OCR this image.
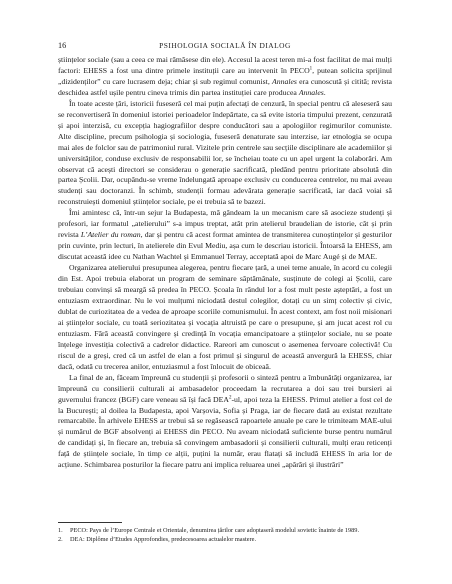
16	PSIHOLOGIA SOCIALĂ ÎN DIALOG

științelor sociale (sau a ceea ce mai rămăsese din ele). Accesul la acest teren mi-a fost facilitat de mai mulți factori: EHESS a fost una dintre primele instituții care au intervenit în PECO$^1$, putean solicita sprijinul „dizidenților” cu care lucrasem deja; chiar și sub regimul comunist, Annales era cunoscută și citită; revista deschidea astfel ușile pentru cineva trimis din partea instituției care producea Annales.

În toate aceste țări, istoricii fuseseră cel mai puțin afectați de cenzură, în special pentru că aleseseră sau se reconvertiseră în domeniul istoriei perioadelor îndepărtate, ca să evite istoria timpului prezent, cenzurată și apoi interzisă, cu excepția hagiografiilor despre conducători sau a apologiilor regimurilor comuniste. Alte discipline, precum psihologia și sociologia, fuseseră denaturate sau interzise, iar etnologia se ocupa mai ales de folclor sau de patrimoniul rural. Vizitele prin centrele sau secțiile disciplinare ale academiilor și universităților, conduse exclusiv de responsabilii lor, se încheiau toate cu un apel urgent la colaborări. Am observat că acești directori se considerau o generație sacrificată, pledând pentru prioritate absolută din partea Școlii. Dar, ocupându-se vreme îndelungată aproape exclusiv cu conducerea centrelor, nu mai aveau studenți sau doctoranzi. În schimb, studenții formau adevărata generație sacrificată, iar dacă voiai să reconstruiești domeniul științelor sociale, pe ei trebuia să te bazezi.

Îmi amintesc că, într-un sejur la Budapesta, mă gândeam la un mecanism care să asocieze studenți și profesori, iar formatul „atelierului” s-a impus treptat, atât prin atelierul braudelian de istorie, cât și prin revista L’Atelier du roman, dar și pentru că acest format amintea de transmiterea cunoștințelor și gesturilor prin cuvinte, prin lecturi, în atelierele din Evul Mediu, așa cum le descriau istoricii. Întoarsă la EHESS, am discutat această idee cu Nathan Wachtel și Emmanuel Terray, acceptată apoi de Marc Augé și de MAE.

Organizarea atelierului presupunea alegerea, pentru fiecare țară, a unei teme anuale, în acord cu colegii din Est. Apoi trebuia elaborat un program de seminare săptămânale, susținute de colegi ai Școlii, care trebuiau convinși să meargă să predea în PECO. Școala în rândul lor a fost mult peste așteptări, a fost un entuziasm extraordinar. Nu le voi mulțumi niciodată destul colegilor, dotați cu un simț colectiv și civic, dublat de curiozitatea de a vedea de aproape scoriile comunismului. În acest context, am fost noii misionari ai științelor sociale, cu toată seriozitatea și vocația altruistă pe care o presupune, și am jucat acest rol cu entuziasm. Fără această convingere și credință în vocația emancipatoare a științelor sociale, nu se poate înțelege investiția colectivă a cadrelor didactice. Rareori am cunoscut o asemenea fervoare colectivă! Cu riscul de a greși, cred că un astfel de elan a fost primul și singurul de această anvergură la EHESS, chiar dacă, odată cu trecerea anilor, entuziasmul a fost înlocuit de obiceaă.

La final de an, făceam împreună cu studenții și profesorii o sinteză pentru a îmbunătăți organizarea, iar împreună cu consilierii culturali ai ambasadelor proceedam la recrutarea a doi sau trei bursieri ai guvernului francez (BGF) care veneau să își facă DEA$^2$-ul, apoi teza la EHESS. Primul atelier a fost cel de la București; al doilea la Budapesta, apoi Varșovia, Sofia și Praga, iar de fiecare dată au existat rezultate remarcabile. În arhivele EHESS ar trebui să se regăsească rapoartele anuale pe care le trimiteam MAE-ului și numărul de BGF absolvenți ai EHESS din PECO. Nu aveam niciodată suficiente burse pentru numărul de candidați și, în fiecare an, trebuia să convingem ambasadorii și consilierii culturali, mulți erau reticenți față de științele sociale, în timp ce alții, puțini la număr, erau flatați să includă EHESS în aria lor de acțiune. Schimbarea posturilor la fiecare patru ani implica reluarea unei „apărări și ilustrări”

1. PECO: Pays de l’Europe Centrale et Orientale, denumirea țărilor care adoptaseră modelul sovietic înainte de 1989.

2. DEA: Diplôme d’Etudes Approfondies, predecesoarea actualelor mastere.
